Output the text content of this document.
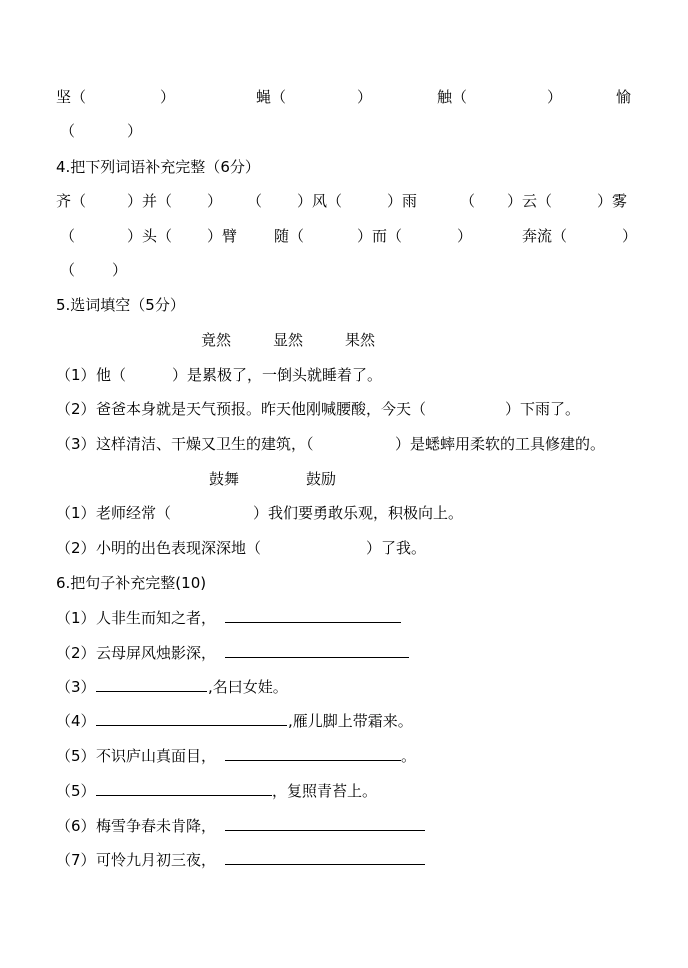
坚（	）	蝇（	）	触（	）	愉
（	）
4.把下列词语补充完整（6分）
齐（	）并（ ） （ ）风（	）雨	（ ）云（	）雾
（	）头（ ）臂 随（	）而（	）	奔流（	）
（ ）
5.选词填空（5分）
竟然	显然	果然
（1） 他（	）是累极了，一倒头就睡着了。
（2） 爸爸本身就是天气预报。昨天他刚喊腰酸，今天（	）下雨了。
（3） 这样清洁、干燥又卫生的建筑，（	）是蟋蟀用柔软的工具修建的。
鼓舞	鼓励
（1） 老师经常（	）我们要勇敢乐观，积极向上。
（2） 小明的出色表现深深地（	）了我。
6.把句子补充完整(10)
（1） 人非生而知之者，
（2） 云母屏风烛影深，
（3）	,名曰女娃。
（4）	,雁儿脚上带霜来。
（5） 不识庐山真面目，	。
（5）	，复照青苔上。
（6） 梅雪争春未肯降，
（7） 可怜九月初三夜，
